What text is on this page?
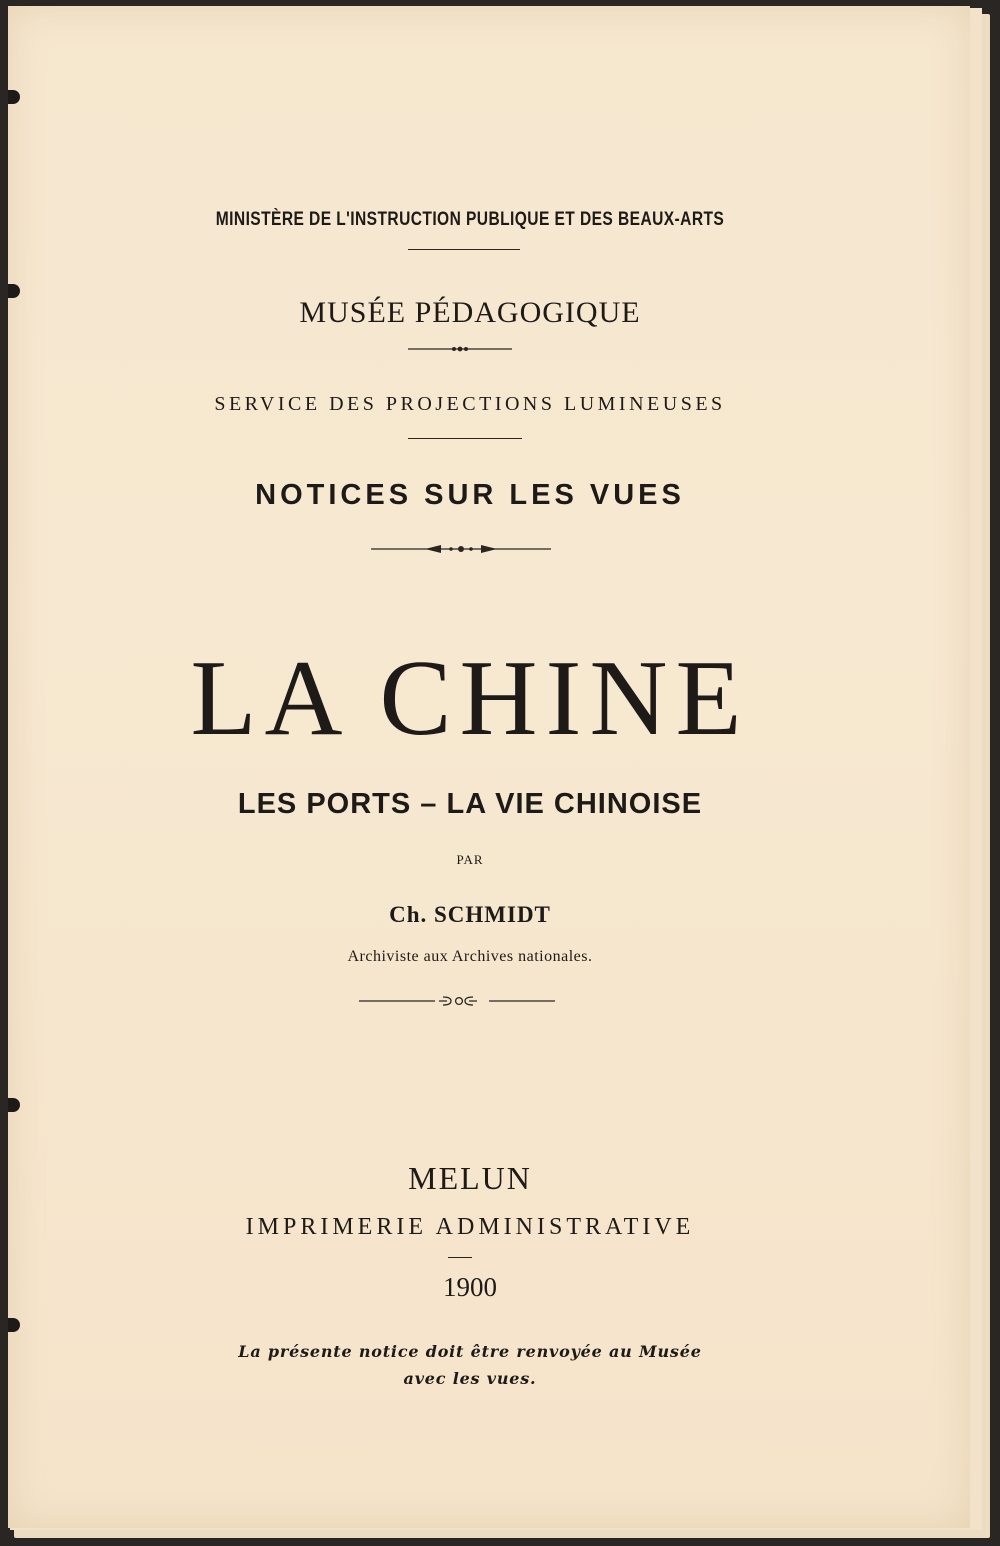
MINISTÈRE DE L'INSTRUCTION PUBLIQUE ET DES BEAUX-ARTS
MUSÉE PÉDAGOGIQUE
SERVICE DES PROJECTIONS LUMINEUSES
NOTICES SUR LES VUES
LA CHINE
LES PORTS – LA VIE CHINOISE
PAR
Ch. SCHMIDT
Archiviste aux Archives nationales.
MELUN
IMPRIMERIE ADMINISTRATIVE
1900
La présente notice doit être renvoyée au Musée
avec les vues.
